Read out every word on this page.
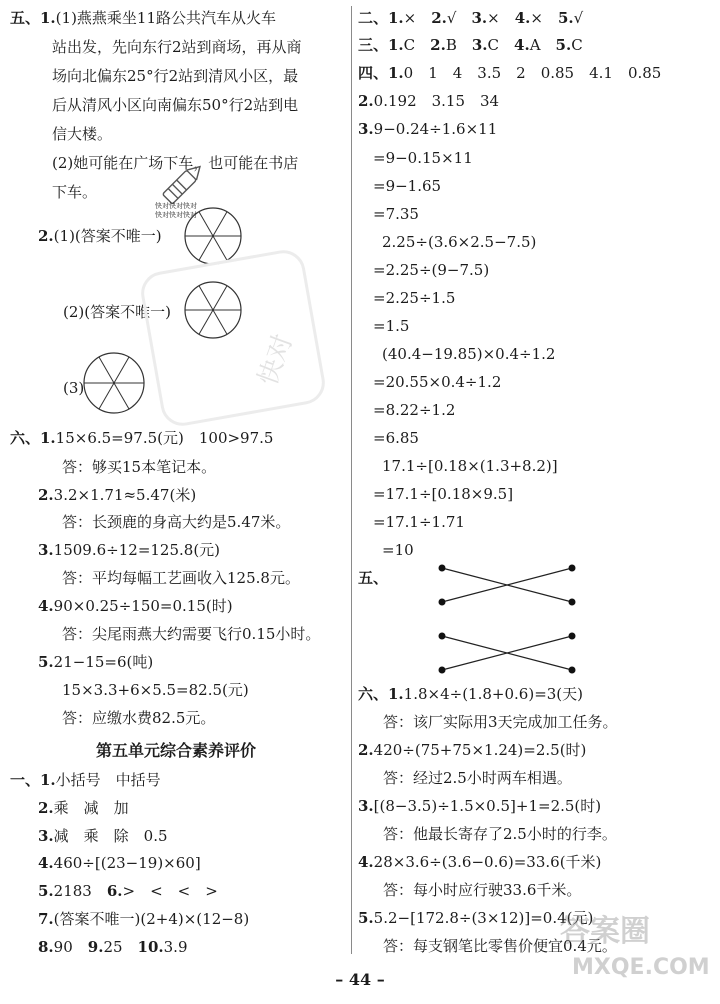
五、1.(1)燕燕乘坐11路公共汽车从火车
站出发，先向东行2站到商场，再从商
场向北偏东25°行2站到清风小区，最
后从清风小区向南偏东50°行2站到电
信大楼。
(2)她可能在广场下车，也可能在书店
下车。
2.(1)(答案不唯一)
(2)(答案不唯一)
(3)
六、1.15×6.5=97.5(元)　100>97.5
答：够买15本笔记本。
2.3.2×1.71≈5.47(米)
答：长颈鹿的身高大约是5.47米。
3.1509.6÷12=125.8(元)
答：平均每幅工艺画收入125.8元。
4.90×0.25÷150=0.15(时)
答：尖尾雨燕大约需要飞行0.15小时。
5.21−15=6(吨)
15×3.3+6×5.5=82.5(元)
答：应缴水费82.5元。
第五单元综合素养评价
一、1.小括号　中括号
2.乘　减　加
3.减　乘　除　0.5
4.460÷[(23−19)×60]
5.2183　6.>　<　<　>
7.(答案不唯一)(2+4)×(12−8)
8.90　9.25　10.3.9
快对快对快对
快对快对快对
快对
二、1.×　2.√　3.×　4.×　5.√
三、1.C　2.B　3.C　4.A　5.C
四、1.0　1　4　3.5　2　0.85　4.1　0.85
2.0.192　3.15　34
3.9−0.24÷1.6×11
=9−0.15×11
=9−1.65
=7.35
2.25÷(3.6×2.5−7.5)
=2.25÷(9−7.5)
=2.25÷1.5
=1.5
(40.4−19.85)×0.4÷1.2
=20.55×0.4÷1.2
=8.22÷1.2
=6.85
17.1÷[0.18×(1.3+8.2)]
=17.1÷[0.18×9.5]
=17.1÷1.71
=10
五、
六、1.1.8×4÷(1.8+0.6)=3(天)
答：该厂实际用3天完成加工任务。
2.420÷(75+75×1.24)=2.5(时)
答：经过2.5小时两车相遇。
3.[(8−3.5)÷1.5×0.5]+1=2.5(时)
答：他最长寄存了2.5小时的行李。
4.28×3.6÷(3.6−0.6)=33.6(千米)
答：每小时应行驶33.6千米。
5.5.2−[172.8÷(3×12)]=0.4(元)
答：每支钢笔比零售价便宜0.4元。
– 44 –
答案圈
MXQE.COM
